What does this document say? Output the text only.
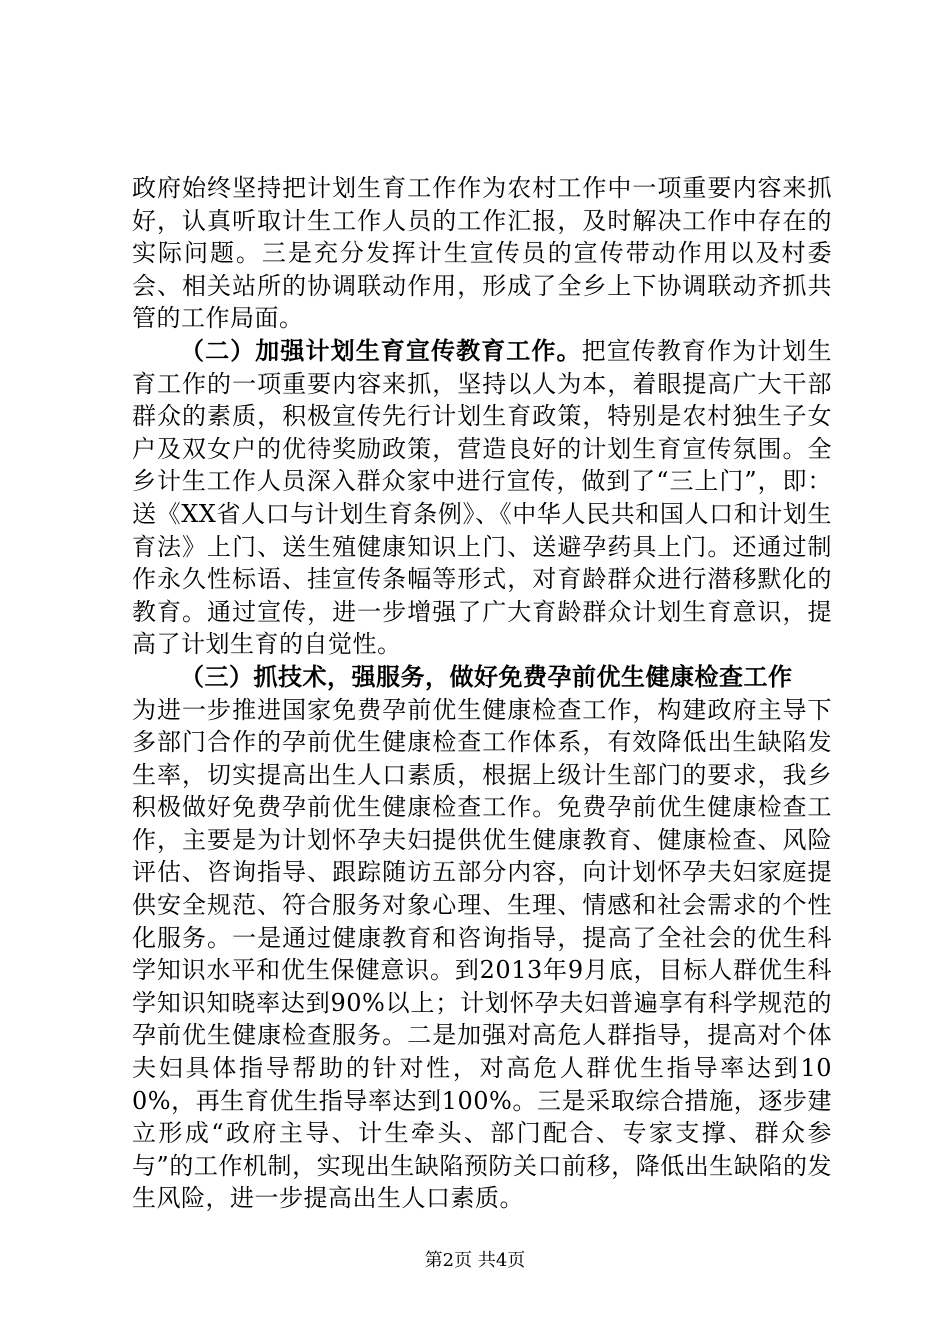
政府始终坚持把计划生育工作作为农村工作中一项重要内容来抓好，认真听取计生工作人员的工作汇报，及时解决工作中存在的实际问题。三是充分发挥计生宣传员的宣传带动作用以及村委会、相关站所的协调联动作用，形成了全乡上下协调联动齐抓共管的工作局面。

（二）加强计划生育宣传教育工作。把宣传教育作为计划生育工作的一项重要内容来抓，坚持以人为本，着眼提高广大干部群众的素质，积极宣传先行计划生育政策，特别是农村独生子女户及双女户的优待奖励政策，营造良好的计划生育宣传氛围。全乡计生工作人员深入群众家中进行宣传，做到了“三上门”，即：送《XX省人口与计划生育条例》、《中华人民共和国人口和计划生育法》上门、送生殖健康知识上门、送避孕药具上门。还通过制作永久性标语、挂宣传条幅等形式，对育龄群众进行潜移默化的教育。通过宣传，进一步增强了广大育龄群众计划生育意识，提高了计划生育的自觉性。

（三）抓技术，强服务，做好免费孕前优生健康检查工作

为进一步推进国家免费孕前优生健康检查工作，构建政府主导下多部门合作的孕前优生健康检查工作体系，有效降低出生缺陷发生率，切实提高出生人口素质，根据上级计生部门的要求，我乡积极做好免费孕前优生健康检查工作。免费孕前优生健康检查工作，主要是为计划怀孕夫妇提供优生健康教育、健康检查、风险评估、咨询指导、跟踪随访五部分内容，向计划怀孕夫妇家庭提供安全规范、符合服务对象心理、生理、情感和社会需求的个性化服务。一是通过健康教育和咨询指导，提高了全社会的优生科学知识水平和优生保健意识。到2013年9月底，目标人群优生科学知识知晓率达到90%以上；计划怀孕夫妇普遍享有科学规范的孕前优生健康检查服务。二是加强对高危人群指导，提高对个体夫妇具体指导帮助的针对性，对高危人群优生指导率达到100%，再生育优生指导率达到100%。三是采取综合措施，逐步建立形成“政府主导、计生牵头、部门配合、专家支撑、群众参与”的工作机制，实现出生缺陷预防关口前移，降低出生缺陷的发生风险，进一步提高出生人口素质。

第2页 共4页
